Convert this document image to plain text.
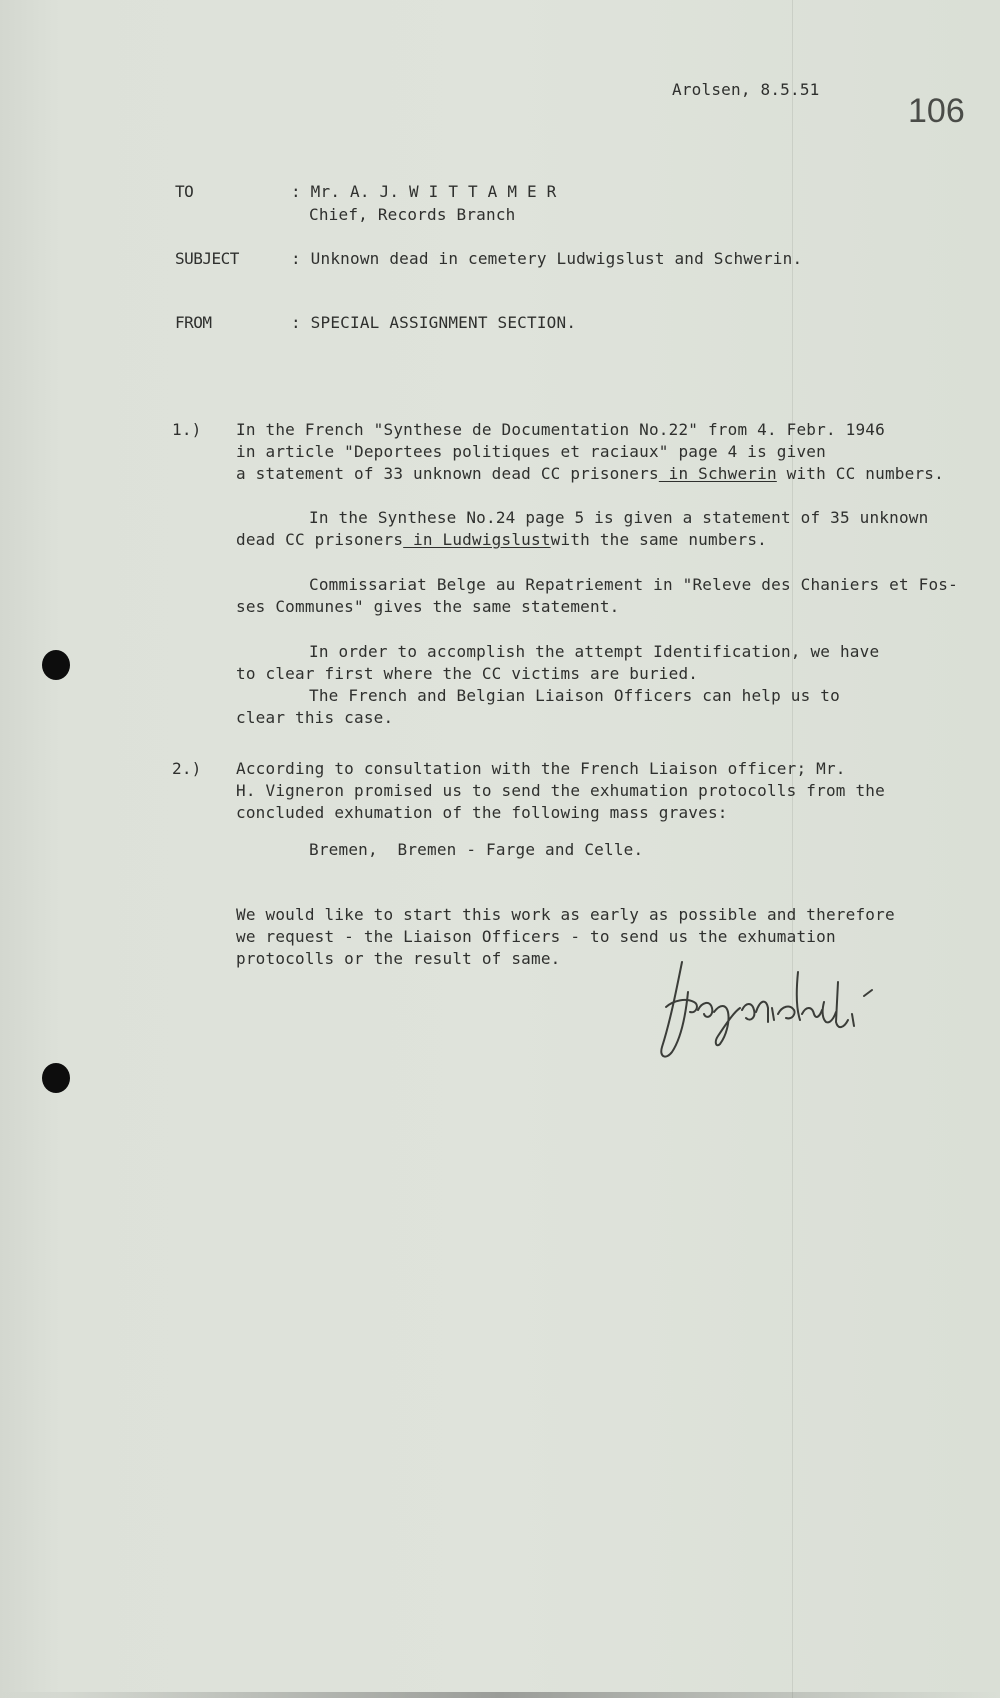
Arolsen, 8.5.51
106
TO	: Mr. A. J. W I T T A M E R
Chief, Records Branch
SUBJECT	: Unknown dead in cemetery Ludwigslust and Schwerin.
FROM	: SPECIAL ASSIGNMENT SECTION.
1.) In the French "Synthese de Documentation No.22" from 4. Febr. 1946
in article "Deportees politiques et raciaux" page 4 is given
a statement of 33 unknown dead CC prisoners in Schwerin with CC numbers.
In the Synthese No.24 page 5 is given a statement of 35 unknown
dead CC prisoners in Ludwigslustwith the same numbers.
Commissariat Belge au Repatriement in "Releve des Chaniers et Fos-
ses Communes" gives the same statement.
In order to accomplish the attempt Identification, we have
to clear first where the CC victims are buried.
The French and Belgian Liaison Officers can help us to
clear this case.
2.) According to consultation with the French Liaison officer; Mr.
H. Vigneron promised us to send the exhumation protocolls from the
concluded exhumation of the following mass graves:
Bremen,  Bremen - Farge and Celle.
We would like to start this work as early as possible and therefore
we request - the Liaison Officers - to send us the exhumation
protocolls or the result of same.
